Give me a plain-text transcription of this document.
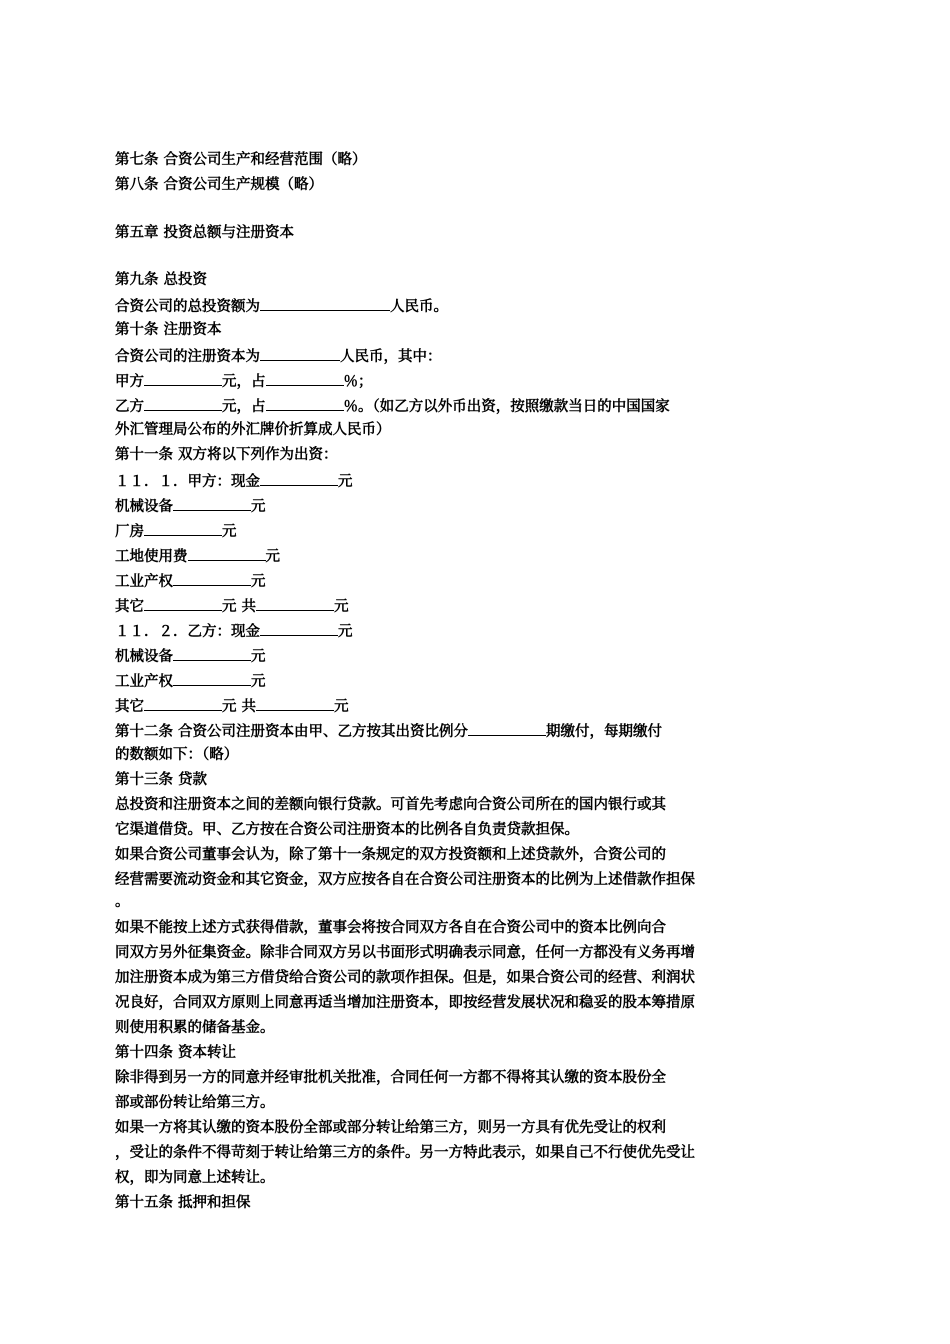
第七条 合资公司生产和经营范围（略）
第八条 合资公司生产规模（略）
第五章 投资总额与注册资本
第九条 总投资
合资公司的总投资额为	人民币。
第十条 注册资本
合资公司的注册资本为	人民币，其中：
甲方	元，占	％；
乙方	元，占	％。（如乙方以外币出资，按照缴款当日的中国国家
外汇管理局公布的外汇牌价折算成人民币）
第十一条 双方将以下列作为出资：
１１．１．甲方：现金	元
机械设备	元
厂房	元
工地使用费	元
工业产权	元
其它	元 共	元
１１．２．乙方：现金	元
机械设备	元
工业产权	元
其它	元 共	元
第十二条 合资公司注册资本由甲、乙方按其出资比例分	期缴付，每期缴付
的数额如下：（略）
第十三条 贷款
总投资和注册资本之间的差额向银行贷款。可首先考虑向合资公司所在的国内银行或其
它渠道借贷。甲、乙方按在合资公司注册资本的比例各自负责贷款担保。
如果合资公司董事会认为，除了第十一条规定的双方投资额和上述贷款外，合资公司的
经营需要流动资金和其它资金，双方应按各自在合资公司注册资本的比例为上述借款作担保
。
如果不能按上述方式获得借款，董事会将按合同双方各自在合资公司中的资本比例向合
同双方另外征集资金。除非合同双方另以书面形式明确表示同意，任何一方都没有义务再增
加注册资本成为第三方借贷给合资公司的款项作担保。但是，如果合资公司的经营、利润状
况良好，合同双方原则上同意再适当增加注册资本，即按经营发展状况和稳妥的股本筹措原
则使用积累的储备基金。
第十四条 资本转让
除非得到另一方的同意并经审批机关批准，合同任何一方都不得将其认缴的资本股份全
部或部份转让给第三方。
如果一方将其认缴的资本股份全部或部分转让给第三方，则另一方具有优先受让的权利
，受让的条件不得苛刻于转让给第三方的条件。另一方特此表示，如果自己不行使优先受让
权，即为同意上述转让。
第十五条 抵押和担保
